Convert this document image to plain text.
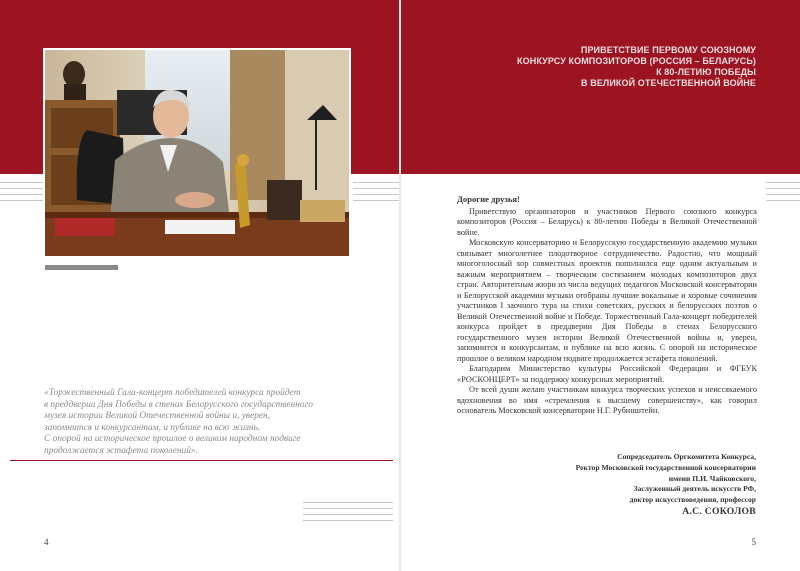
ПРИВЕТСТВИЕ ПЕРВОМУ СОЮЗНОМУ
КОНКУРСУ КОМПОЗИТОРОВ (РОССИЯ – БЕЛАРУСЬ)
К 80-ЛЕТИЮ ПОБЕДЫ
В ВЕЛИКОЙ ОТЕЧЕСТВЕННОЙ ВОЙНЕ
«Торжественный Гала-концерт победителей конкурса пройдет
в преддверии Дня Победы в стенах Белорусского государственного
музея истории Великой Отечественной войны и, уверен,
запомнится и конкурсантам, и публике на всю жизнь.
С опорой на историческое прошлое о великом народном подвиге
продолжается эстафета поколений».
Дорогие друзья!

Приветствую организаторов и участников Первого союзного конкурса композиторов (Россия – Беларусь) к 80-летию Победы в Великой Отечественной войне.

Московскую консерваторию и Белорусскую государственную академию музыки связывает многолетнее плодотворное сотрудничество. Радостно, что мощный многоголосный хор совместных проектов пополнился еще одним актуальным и важным мероприятием – творческим состязанием молодых композиторов двух стран. Авторитетным жюри из числа ведущих педагогов Московской консерватории и Белорусской академии музыки отобраны лучшие вокальные и хоровые сочинения участников I заочного тура на стихи советских, русских и белорусских поэтов о Великой Отечественной войне и Победе. Торжественный Гала-концерт победителей конкурса пройдет в преддверии Дня Победы в стенах Белорусского государственного музея истории Великой Отечественной войны и, уверен, запомнится и конкурсантам, и публике на всю жизнь. С опорой на историческое прошлое о великом народном подвиге продолжается эстафета поколений.

Благодарим Министерство культуры Российской Федерации и ФГБУК «РОСКОНЦЕРТ» за поддержку конкурсных мероприятий.

От всей души желаю участникам конкурса творческих успехов и неиссякаемого вдохновения во имя «стремления к высшему совершенству», как говорил основатель Московской консерватории Н.Г. Рубинштейн.

Сопредседатель Оргкомитета Конкурса,
Ректор Московской государственной консерватории
имени П.И. Чайковского,
Заслуженный деятель искусств РФ,
доктор искусствоведения, профессор
А.С. СОКОЛОВ
4	5
